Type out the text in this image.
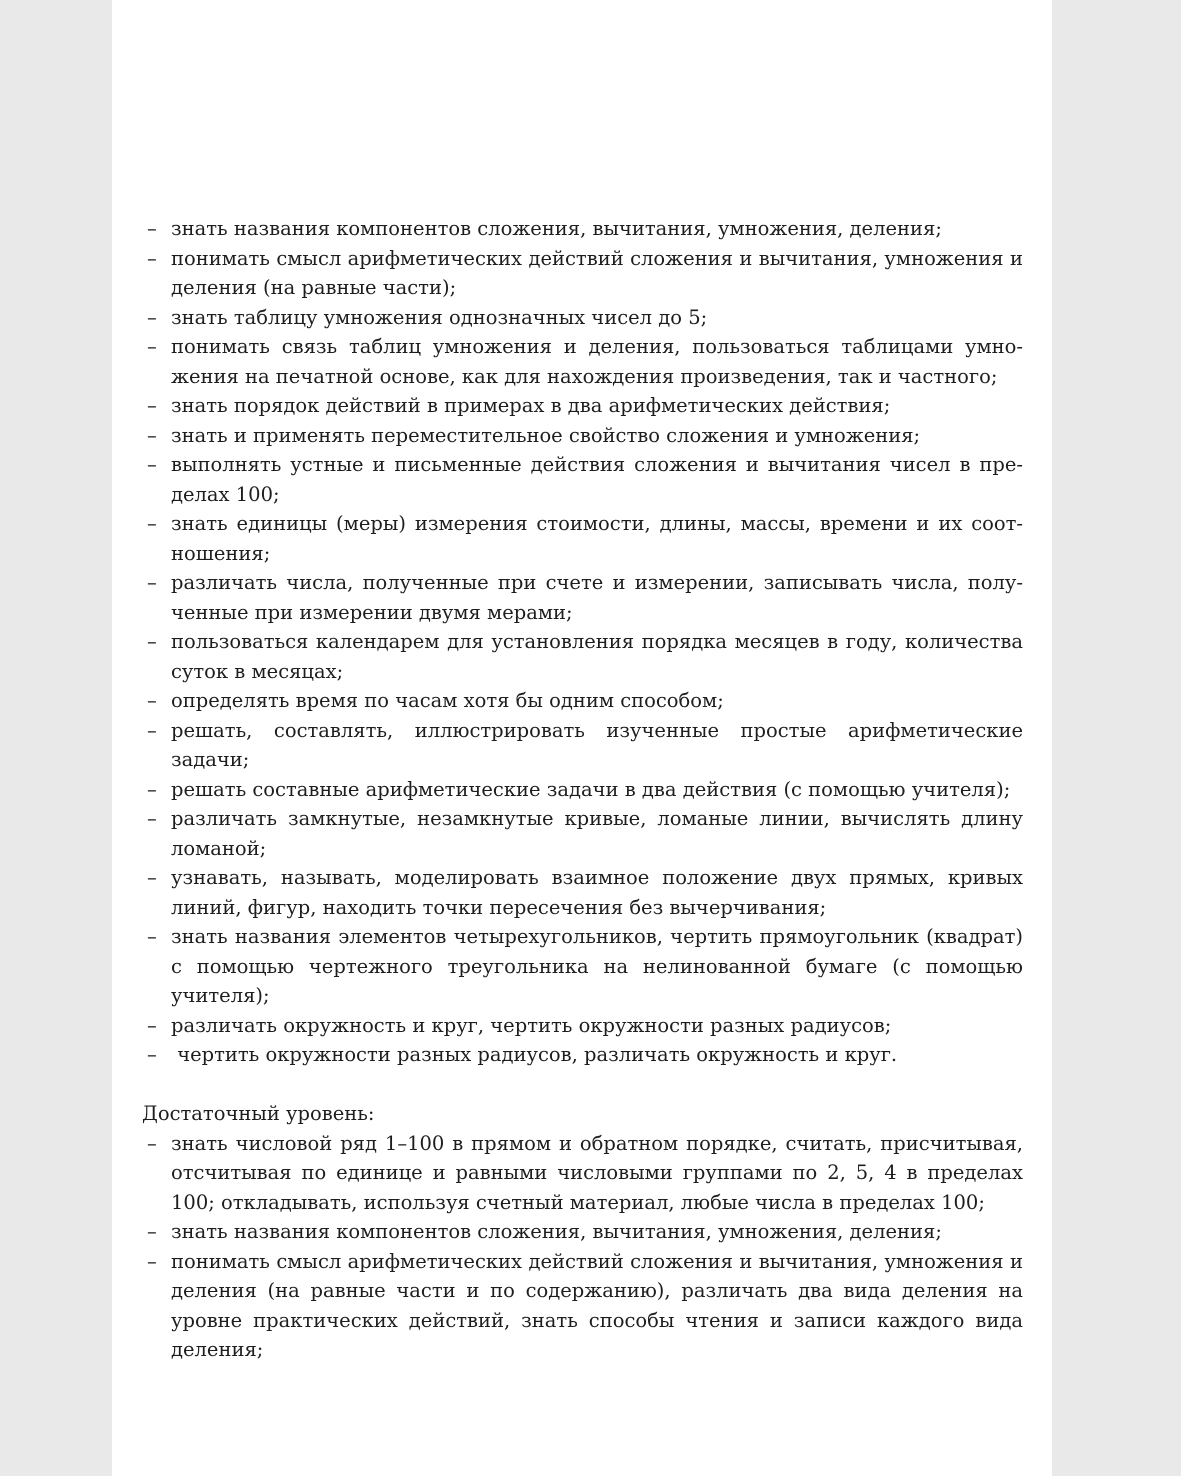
– знать названия компонентов сложения, вычитания, умножения, деления;
– понимать смысл арифметических действий сложения и вычитания, умножения и деления (на равные части);
– знать таблицу умножения однозначных чисел до 5;
– понимать связь таблиц умножения и деления, пользоваться таблицами умножения на печатной основе, как для нахождения произведения, так и частного;
– знать порядок действий в примерах в два арифметических действия;
– знать и применять переместительное свойство сложения и умножения;
– выполнять устные и письменные действия сложения и вычитания чисел в пределах 100;
– знать единицы (меры) измерения стоимости, длины, массы, времени и их соотношения;
– различать числа, полученные при счете и измерении, записывать числа, полученные при измерении двумя мерами;
– пользоваться календарем для установления порядка месяцев в году, количества суток в месяцах;
– определять время по часам хотя бы одним способом;
– решать, составлять, иллюстрировать изученные простые арифметические задачи;
– решать составные арифметические задачи в два действия (с помощью учителя);
– различать замкнутые, незамкнутые кривые, ломаные линии, вычислять длину ломаной;
– узнавать, называть, моделировать взаимное положение двух прямых, кривых линий, фигур, находить точки пересечения без вычерчивания;
– знать названия элементов четырехугольников, чертить прямоугольник (квадрат) с помощью чертежного треугольника на нелинованной бумаге (с помощью учителя);
– различать окружность и круг, чертить окружности разных радиусов;
– чертить окружности разных радиусов, различать окружность и круг.

Достаточный уровень:

– знать числовой ряд 1–100 в прямом и обратном порядке, считать, присчитывая, отсчитывая по единице и равными числовыми группами по 2, 5, 4 в пределах 100; откладывать, используя счетный материал, любые числа в пределах 100;
– знать названия компонентов сложения, вычитания, умножения, деления;
– понимать смысл арифметических действий сложения и вычитания, умножения и деления (на равные части и по содержанию), различать два вида деления на уровне практических действий, знать способы чтения и записи каждого вида деления;
